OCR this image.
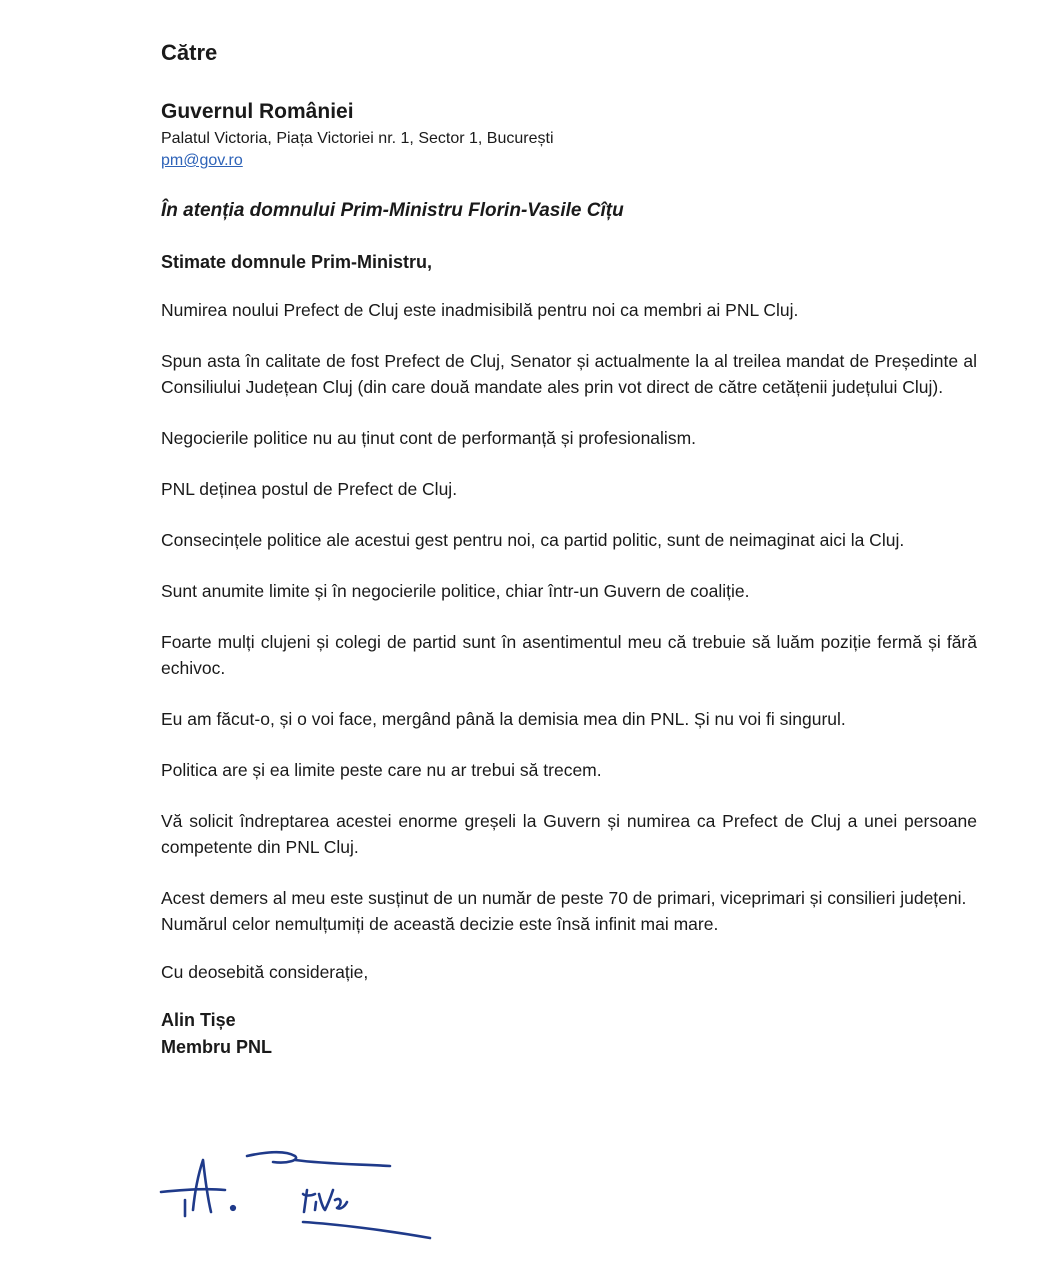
Către
Guvernul României
Palatul Victoria, Piața Victoriei nr. 1, Sector 1, București
pm@gov.ro
În atenția domnului Prim-Ministru Florin-Vasile Cîțu
Stimate domnule Prim-Ministru,

Numirea noului Prefect de Cluj este inadmisibilă pentru noi ca membri ai PNL Cluj.

Spun asta în calitate de fost Prefect de Cluj, Senator și actualmente la al treilea mandat de Președinte al Consiliului Județean Cluj (din care două mandate ales prin vot direct de către cetățenii județului Cluj).

Negocierile politice nu au ținut cont de performanță și profesionalism.

PNL deținea postul de Prefect de Cluj.

Consecințele politice ale acestui gest pentru noi, ca partid politic, sunt de neimaginat aici la Cluj.

Sunt anumite limite și în negocierile politice, chiar într-un Guvern de coaliție.

Foarte mulți clujeni și colegi de partid sunt în asentimentul meu că trebuie să luăm poziție fermă și fără echivoc.

Eu am făcut-o, și o voi face, mergând până la demisia mea din PNL. Și nu voi fi singurul.

Politica are și ea limite peste care nu ar trebui să trecem.

Vă solicit îndreptarea acestei enorme greșeli la Guvern și numirea ca Prefect de Cluj a unei persoane competente din PNL Cluj.

Acest demers al meu este susținut de un număr de peste 70 de primari, viceprimari și consilieri județeni.

Numărul celor nemulțumiți de această decizie este însă infinit mai mare.

Cu deosebită considerație,
Alin Tișe
Membru PNL
